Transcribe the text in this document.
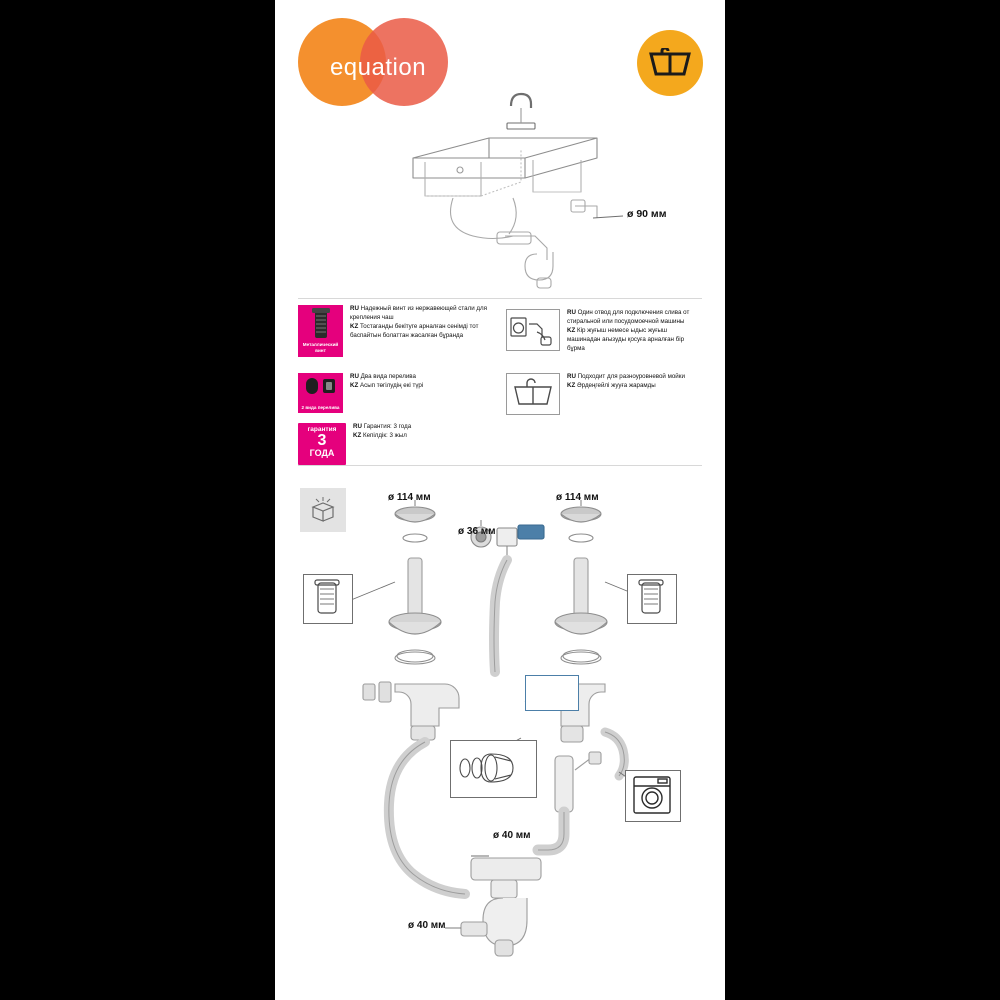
equation
ø 90 мм
Металлический винт
RU Надежный винт из нержавеющей стали для крепления чаш
KZ Тостаганды бекітуге арналған сенімді тот баспайтын болаттан жасалған бұранда
2 вида перелива
RU Два вида перелива
KZ Асып төгілудің екі түрі
гарантия
3
ГОДА
RU Гарантия: 3 года
KZ Кепілдік: 3 жыл
RU Один отвод для подключения слива от стиральной или посудомоечной машины
KZ Кір жуғыш немесе ыдыс жуғыш машинадан ағызуды қосуға арналған бір бұрма
RU Подходит для разноуровневой мойки
KZ Әрдеңгейлі жууға жарамды
ø 114 мм	ø 114 мм
ø 36 мм
ø 40 мм
ø 40 мм
